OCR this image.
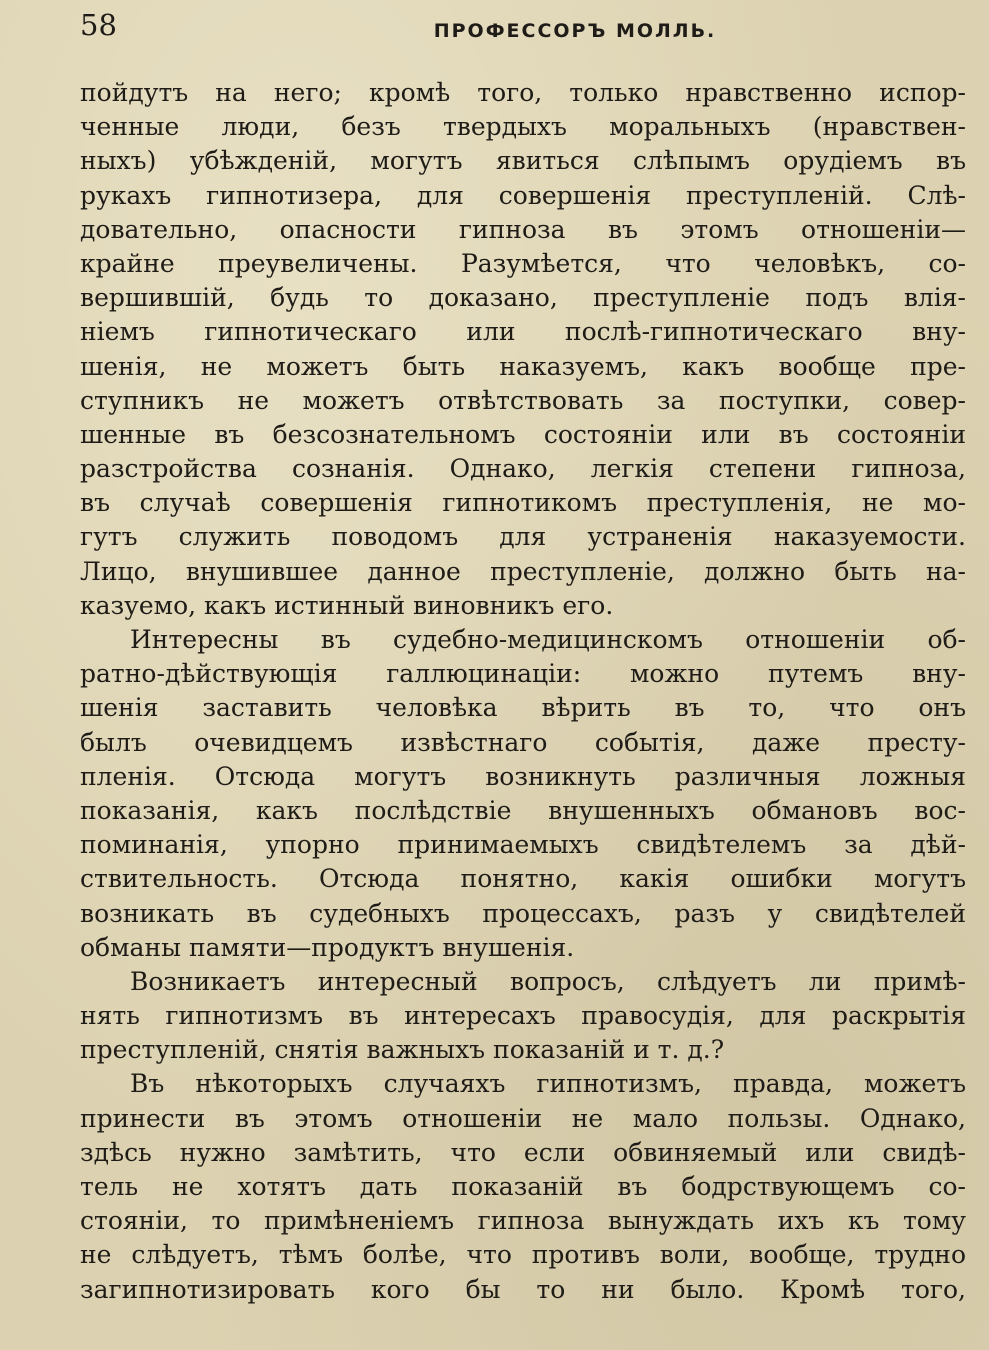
58	ПРОФЕССОРЪ МОЛЛЬ.
пойдутъ на него; кромѣ того, только нравственно испор-
ченные люди, безъ твердыхъ моральныхъ (нравствен-
ныхъ) убѣжденій, могутъ явиться слѣпымъ орудіемъ въ
рукахъ гипнотизера, для совершенія преступленій. Слѣ-
довательно, опасности гипноза въ этомъ отношеніи—
крайне преувеличены. Разумѣется, что человѣкъ, со-
вершившій, будь то доказано, преступленіе подъ влія-
ніемъ гипнотическаго или послѣ-гипнотическаго вну-
шенія, не можетъ быть наказуемъ, какъ вообще пре-
ступникъ не можетъ отвѣтствовать за поступки, совер-
шенные въ безсознательномъ состояніи или въ состояніи
разстройства сознанія. Однако, легкія степени гипноза,
въ случаѣ совершенія гипнотикомъ преступленія, не мо-
гутъ служить поводомъ для устраненія наказуемости.
Лицо, внушившее данное преступленіе, должно быть на-
казуемо, какъ истинный виновникъ его.
Интересны въ судебно-медицинскомъ отношеніи об-
ратно-дѣйствующія галлюцинаціи: можно путемъ вну-
шенія заставить человѣка вѣрить въ то, что онъ
былъ очевидцемъ извѣстнаго событія, даже престу-
пленія. Отсюда могутъ возникнуть различныя ложныя
показанія, какъ послѣдствіе внушенныхъ обмановъ вос-
поминанія, упорно принимаемыхъ свидѣтелемъ за дѣй-
ствительность. Отсюда понятно, какія ошибки могутъ
возникать въ судебныхъ процессахъ, разъ у свидѣтелей
обманы памяти—продуктъ внушенія.
Возникаетъ интересный вопросъ, слѣдуетъ ли примѣ-
нять гипнотизмъ въ интересахъ правосудія, для раскрытія
преступленій, снятія важныхъ показаній и т. д.?
Въ нѣкоторыхъ случаяхъ гипнотизмъ, правда, можетъ
принести въ этомъ отношеніи не мало пользы. Однако,
здѣсь нужно замѣтить, что если обвиняемый или свидѣ-
тель не хотятъ дать показаній въ бодрствующемъ со-
стояніи, то примѣненіемъ гипноза вынуждать ихъ къ тому
не слѣдуетъ, тѣмъ болѣе, что противъ воли, вообще, трудно
загипнотизировать кого бы то ни было. Кромѣ того,
